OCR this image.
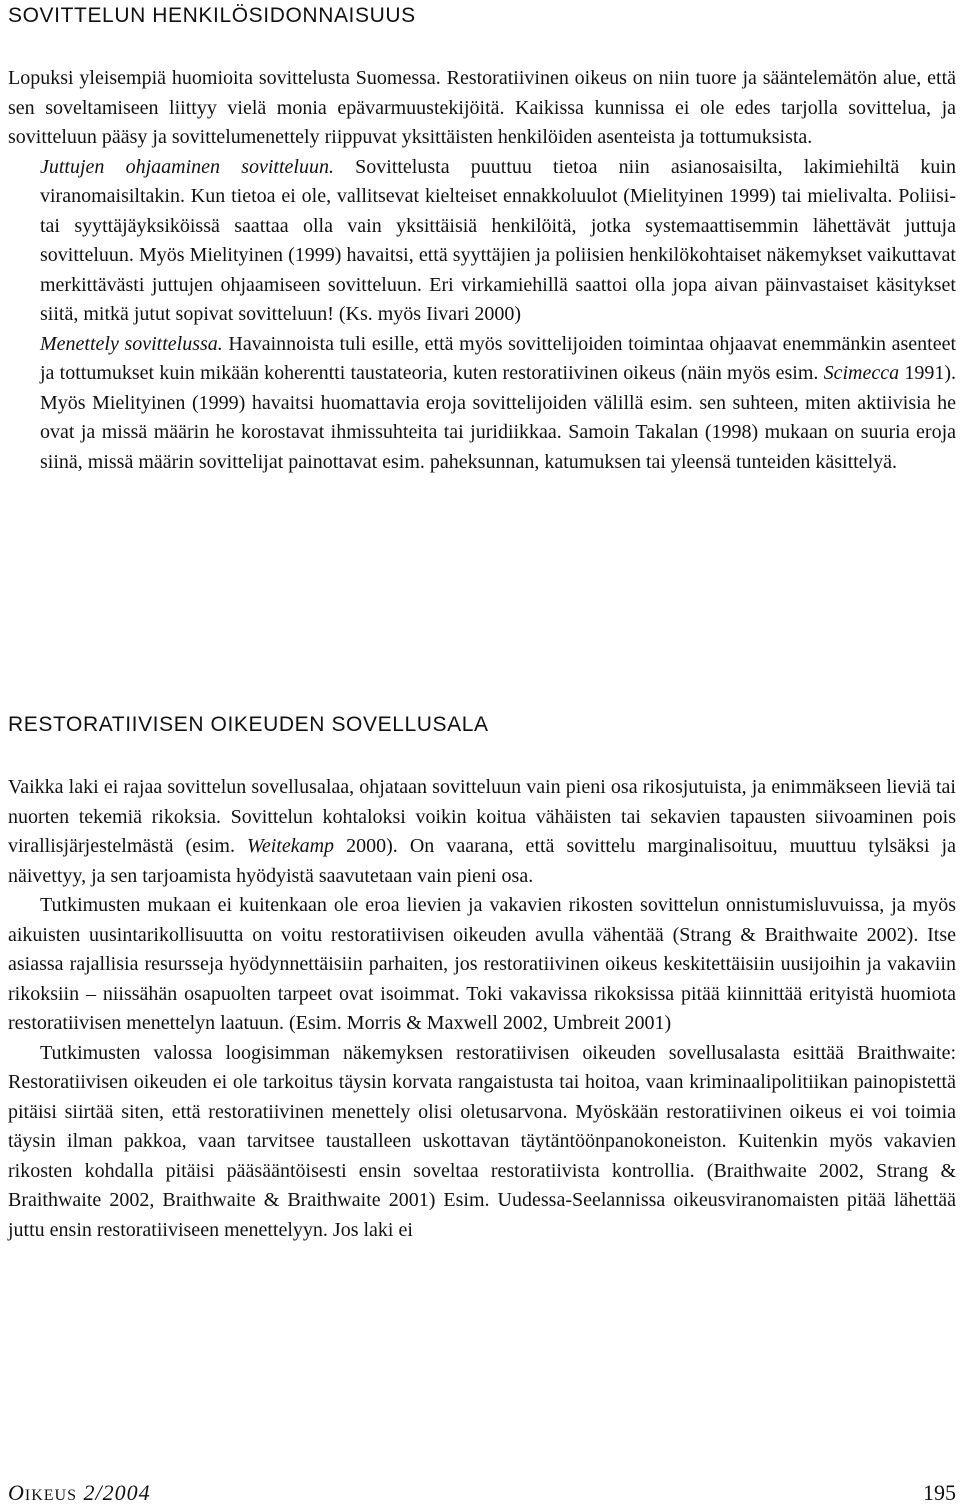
SOVITTELUN HENKILÖSIDONNAISUUS

Lopuksi yleisempiä huomioita sovittelusta Suomessa. Restoratiivinen oikeus on niin tuore ja sääntelemätön alue, että sen soveltamiseen liittyy vielä monia epävarmuustekijöitä. Kaikissa kunnissa ei ole edes tarjolla sovittelua, ja sovitteluun pääsy ja sovittelumenettely riippuvat yksittäisten henkilöiden asenteista ja tottumuksista.

Juttujen ohjaaminen sovitteluun. Sovittelusta puuttuu tietoa niin asianosaisilta, lakimiehiltä kuin viranomaisiltakin. Kun tietoa ei ole, vallitsevat kielteiset ennakkoluulot (Mielityinen 1999) tai mielivalta. Poliisi- tai syyttäjäyksiköissä saattaa olla vain yksittäisiä henkilöitä, jotka systemaattisemmin lähettävät juttuja sovitteluun. Myös Mielityinen (1999) havaitsi, että syyttäjien ja poliisien henkilökohtaiset näkemykset vaikuttavat merkittävästi juttujen ohjaamiseen sovitteluun. Eri virkamiehillä saattoi olla jopa aivan päinvastaiset käsitykset siitä, mitkä jutut sopivat sovitteluun! (Ks. myös Iivari 2000)

Menettely sovittelussa. Havainnoista tuli esille, että myös sovittelijoiden toimintaa ohjaavat enemmänkin asenteet ja tottumukset kuin mikään koherentti taustateoria, kuten restoratiivinen oikeus (näin myös esim. Scimecca 1991). Myös Mielityinen (1999) havaitsi huomattavia eroja sovittelijoiden välillä esim. sen suhteen, miten aktiivisia he ovat ja missä määrin he korostavat ihmissuhteita tai juridiikkaa. Samoin Takalan (1998) mukaan on suuria eroja siinä, missä määrin sovittelijat painottavat esim. paheksunnan, katumuksen tai yleensä tunteiden käsittelyä.

RESTORATIIVISEN OIKEUDEN SOVELLUSALA

Vaikka laki ei rajaa sovittelun sovellusalaa, ohjataan sovitteluun vain pieni osa rikosjutuista, ja enimmäkseen lieviä tai nuorten tekemiä rikoksia. Sovittelun kohtaloksi voikin koitua vähäisten tai sekavien tapausten siivoaminen pois virallisjärjestelmästä (esim. Weitekamp 2000). On vaarana, että sovittelu marginalisoituu, muuttuu tylsäksi ja näivettyy, ja sen tarjoamista hyödyistä saavutetaan vain pieni osa.

Tutkimusten mukaan ei kuitenkaan ole eroa lievien ja vakavien rikosten sovittelun onnistumisluvuissa, ja myös aikuisten uusintarikollisuutta on voitu restoratiivisen oikeuden avulla vähentää (Strang & Braithwaite 2002). Itse asiassa rajallisia resursseja hyödynnettäisiin parhaiten, jos restoratiivinen oikeus keskitettäisiin uusijoihin ja vakaviin rikoksiin – niissähän osapuolten tarpeet ovat isoimmat. Toki vakavissa rikoksissa pitää kiinnittää erityistä huomiota restoratiivisen menettelyn laatuun. (Esim. Morris & Maxwell 2002, Umbreit 2001)

Tutkimusten valossa loogisimman näkemyksen restoratiivisen oikeuden sovellusalasta esittää Braithwaite: Restoratiivisen oikeuden ei ole tarkoitus täysin korvata rangaistusta tai hoitoa, vaan kriminaalipolitiikan painopistettä pitäisi siirtää siten, että restoratiivinen menettely olisi oletusarvona. Myöskään restoratiivinen oikeus ei voi toimia täysin ilman pakkoa, vaan tarvitsee taustalleen uskottavan täytäntöönpanokoneiston. Kuitenkin myös vakavien rikosten kohdalla pitäisi pääsääntöisesti ensin soveltaa restoratiivista kontrollia. (Braithwaite 2002, Strang & Braithwaite 2002, Braithwaite & Braithwaite 2001) Esim. Uudessa-Seelannissa oikeusviranomaisten pitää lähettää juttu ensin restoratiiviseen menettelyyn. Jos laki ei

OIKEUS 2/2004	195
